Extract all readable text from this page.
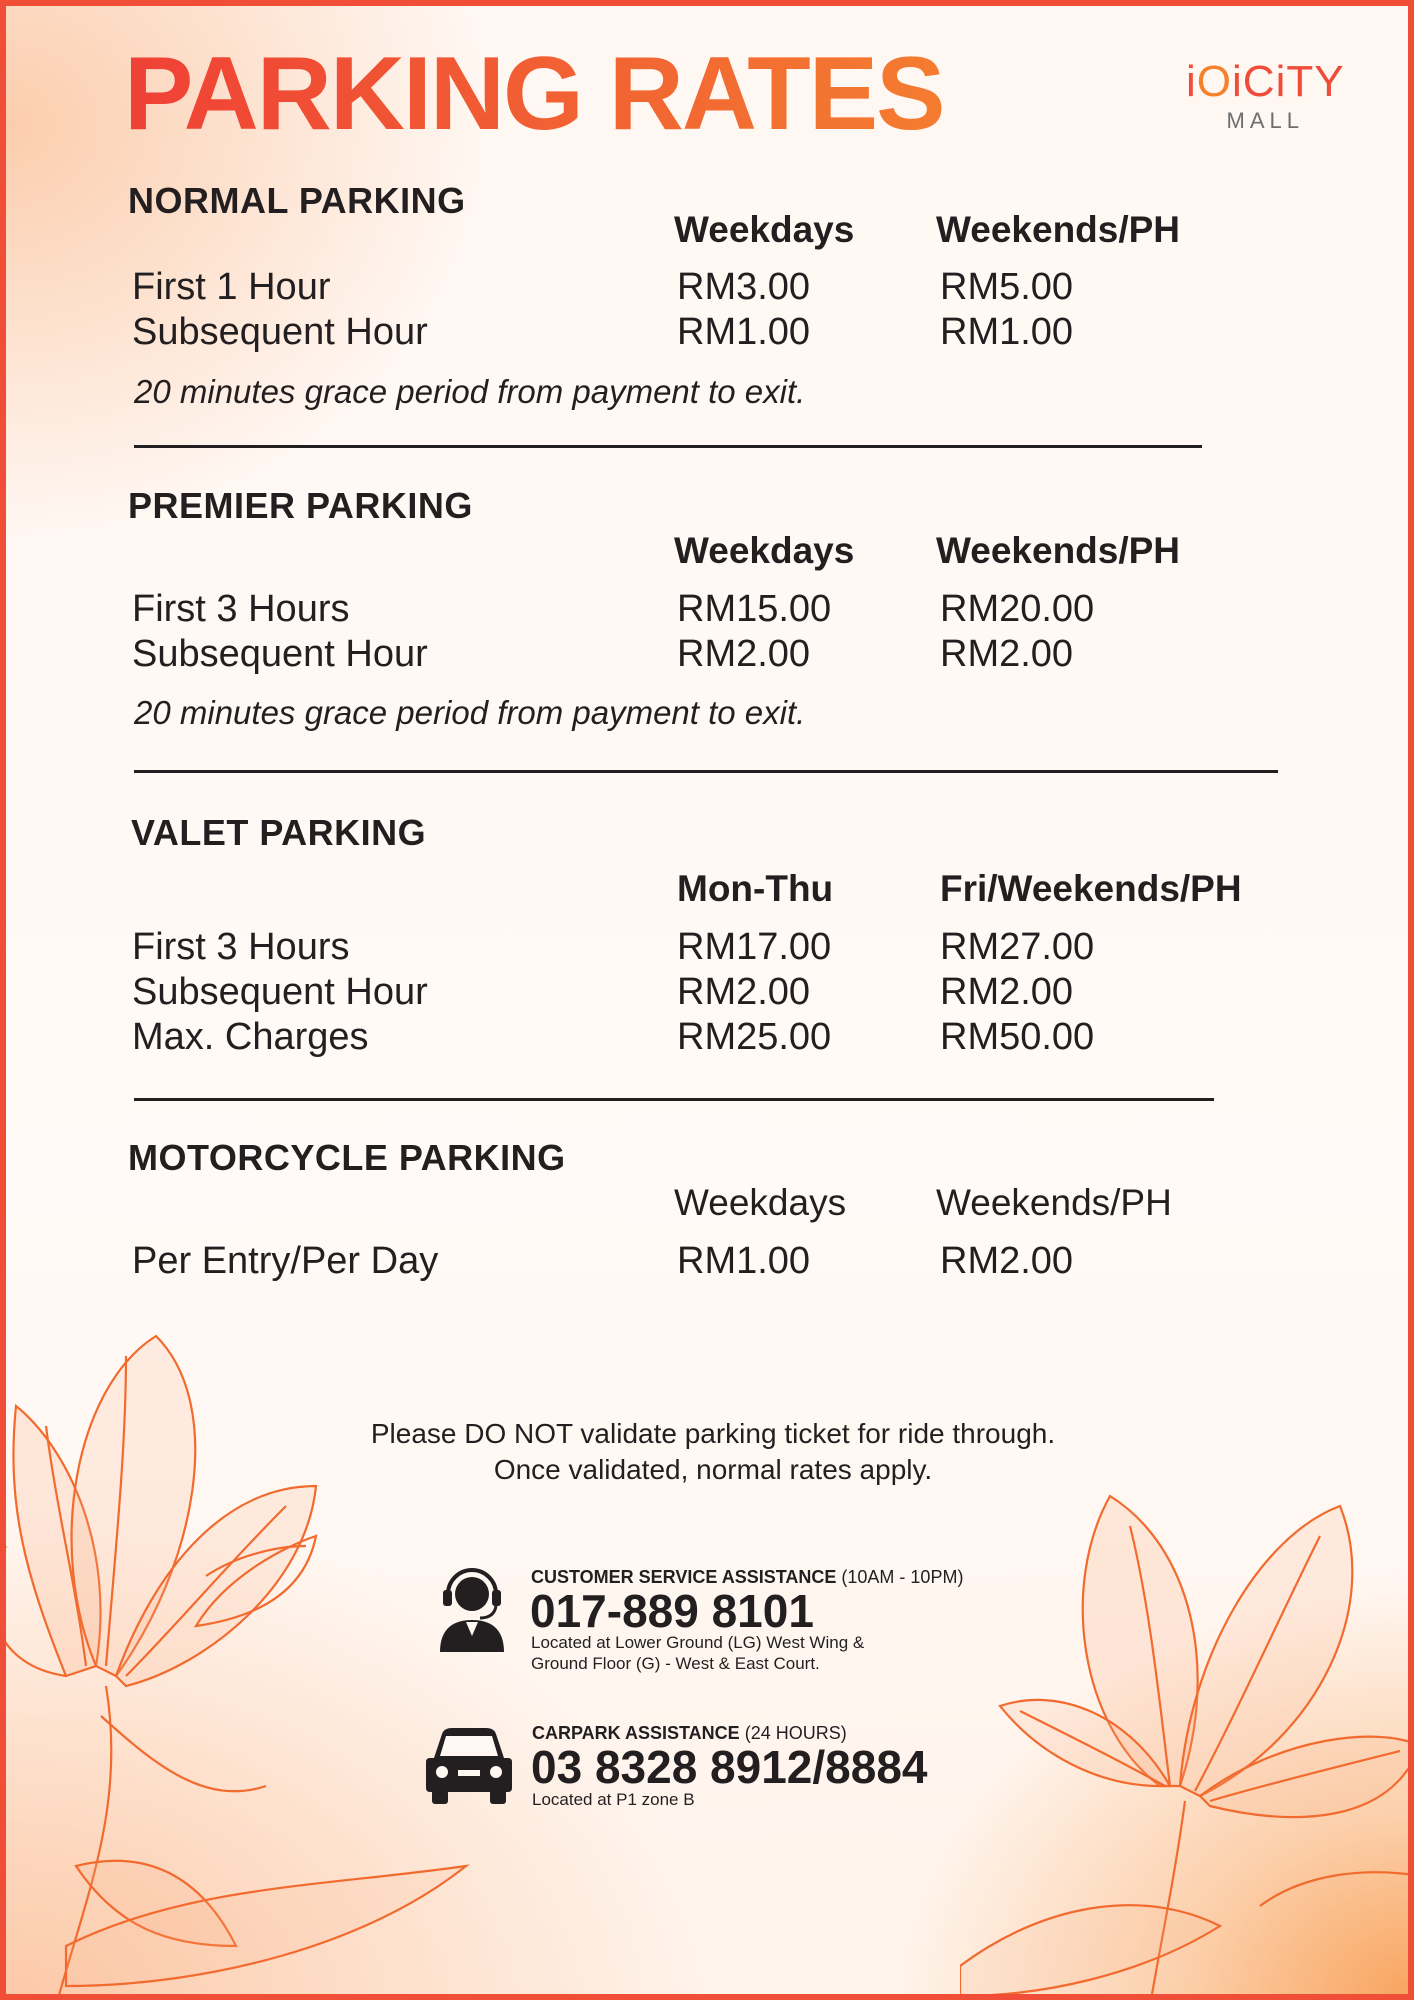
PARKING RATES	iOiCiTY
MALL
NORMAL PARKING
Weekdays Weekends/PH
First 1 Hour	RM3.00	RM5.00
Subsequent Hour	RM1.00	RM1.00
20 minutes grace period from payment to exit.
PREMIER PARKING
Weekdays Weekends/PH
First 3 Hours	RM15.00	RM20.00
Subsequent Hour	RM2.00	RM2.00
20 minutes grace period from payment to exit.
VALET PARKING
Mon-Thu	Fri/Weekends/PH
First 3 Hours	RM17.00	RM27.00
Subsequent Hour	RM2.00	RM2.00
Max. Charges	RM25.00	RM50.00
MOTORCYCLE PARKING
Weekdays Weekends/PH
Per Entry/Per Day	RM1.00	RM2.00
Please DO NOT validate parking ticket for ride through.
Once validated, normal rates apply.
CUSTOMER SERVICE ASSISTANCE (10AM - 10PM)
017-889 8101
Located at Lower Ground (LG) West Wing &
Ground Floor (G) - West & East Court.
CARPARK ASSISTANCE (24 HOURS)
03 8328 8912/8884
Located at P1 zone B
